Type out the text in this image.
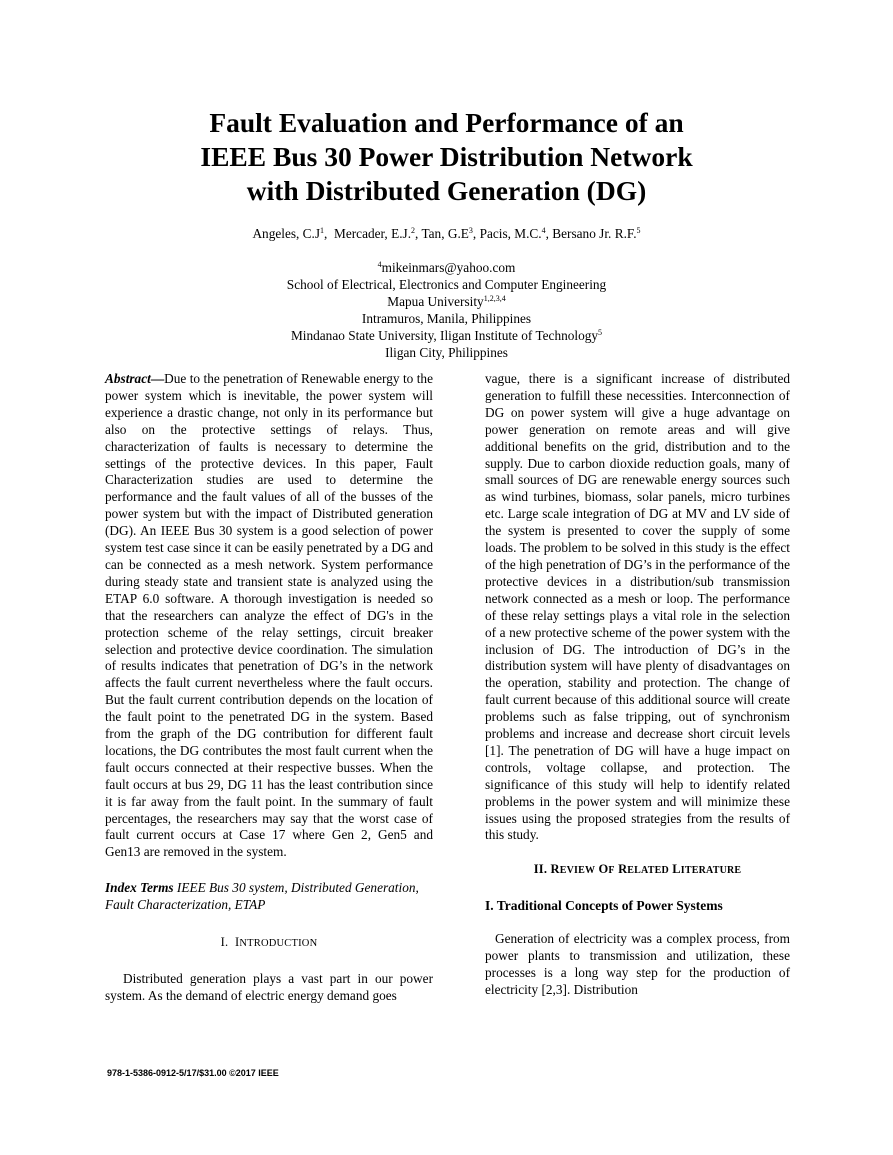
Fault Evaluation and Performance of an
IEEE Bus 30 Power Distribution Network
with Distributed Generation (DG)
Angeles, $C.J^1$,  Mercader, E.J.$^2$, Tan, $G.E^3$, Pacis, M.C.$^4$, Bersano Jr. R.F.$^5$
$^4$mikeinmars@yahoo.com
School of Electrical, Electronics and Computer Engineering
Mapua University$^{1,2,3,4}$
Intramuros, Manila, Philippines
Mindanao State University, Iligan Institute of Technology$^5$
Iligan City, Philippines

Abstract—Due to the penetration of Renewable energy to the power system which is inevitable, the power system will experience a drastic change, not only in its performance but also on the protective settings of relays. Thus, characterization of faults is necessary to determine the settings of the protective devices. In this paper, Fault Characterization studies are used to determine the performance and the fault values of all of the busses of the power system but with the impact of Distributed generation (DG). An IEEE Bus 30 system is a good selection of power system test case since it can be easily penetrated by a DG and can be connected as a mesh network. System performance during steady state and transient state is analyzed using the ETAP 6.0 software. A thorough investigation is needed so that the researchers can analyze the effect of DG's in the protection scheme of the relay settings, circuit breaker selection and protective device coordination. The simulation of results indicates that penetration of DG’s in the network affects the fault current nevertheless where the fault occurs. But the fault current contribution depends on the location of the fault point to the penetrated DG in the system. Based from the graph of the DG contribution for different fault locations, the DG contributes the most fault current when the fault occurs connected at their respective busses. When the fault occurs at bus 29, DG 11 has the least contribution since it is far away from the fault point. In the summary of fault percentages, the researchers may say that the worst case of fault current occurs at Case 17 where Gen 2, Gen5 and Gen13 are removed in the system.

Index Terms IEEE Bus 30 system, Distributed Generation, Fault Characterization, ETAP

I.  INTRODUCTION

Distributed generation plays a vast part in our power system. As the demand of electric energy demand goes

vague, there is a significant increase of distributed generation to fulfill these necessities. Interconnection of DG on power system will give a huge advantage on power generation on remote areas and will give additional benefits on the grid, distribution and to the supply. Due to carbon dioxide reduction goals, many of small sources of DG are renewable energy sources such as wind turbines, biomass, solar panels, micro turbines etc. Large scale integration of DG at MV and LV side of the system is presented to cover the supply of some loads. The problem to be solved in this study is the effect of the high penetration of DG’s in the performance of the protective devices in a distribution/sub transmission network connected as a mesh or loop. The performance of these relay settings plays a vital role in the selection of a new protective scheme of the power system with the inclusion of DG. The introduction of DG’s in the distribution system will have plenty of disadvantages on the operation, stability and protection. The change of fault current because of this additional source will create problems such as false tripping, out of synchronism problems and increase and decrease short circuit levels [1]. The penetration of DG will have a huge impact on controls, voltage collapse, and protection. The significance of this study will help to identify related problems in the power system and will minimize these issues using the proposed strategies from the results of this study.

II. REVIEW OF RELATED LITERATURE
I. Traditional Concepts of Power Systems

Generation of electricity was a complex process, from power plants to transmission and utilization, these processes is a long way step for the production of electricity [2,3]. Distribution

978-1-5386-0912-5/17/$31.00 ©2017 IEEE
